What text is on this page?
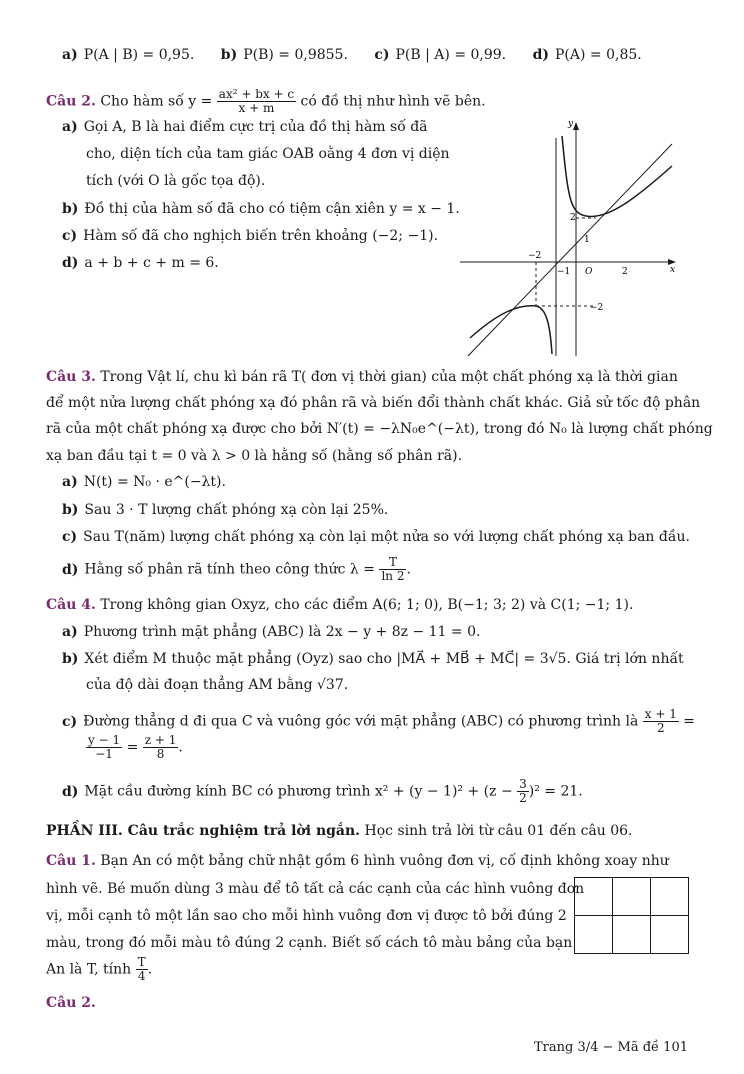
a) P(A | B) = 0,95. b) P(B) = 0,9855. c) P(B | A) = 0,99. d) P(A) = 0,85.
Câu 2. Cho hàm số $y = \frac{\text{ax² + bx + c}}{x + m}$ có đồ thị như hình vẽ bên.
a) Gọi A, B là hai điểm cực trị của đồ thị hàm số đã
cho, diện tích của tam giác OAB oằng 4 đơn vị diện
tích (với O là gốc tọa độ).
b) Đồ thị của hàm số đã cho có tiệm cận xiên y = x − 1.
c) Hàm số đã cho nghịch biến trên khoảng (−2; −1).
d) a + b + c + m = 6.
y
x
O
−2
−1	2
1
2
−2
Câu 3. Trong Vật lí, chu kì bán rã T( đơn vị thời gian) của một chất phóng xạ là thời gian
để một nửa lượng chất phóng xạ đó phân rã và biến đổi thành chất khác. Giả sử tốc độ phân
rã của một chất phóng xạ được cho bởi N′(t) = −λN₀e^(−λt), trong đó N₀ là lượng chất phóng
xạ ban đầu tại t = 0 và λ > 0 là hằng số (hằng số phân rã).
a) N(t) = N₀ · e^(−λt).
b) Sau 3 · T lượng chất phóng xạ còn lại 25%.
c) Sau T(năm) lượng chất phóng xạ còn lại một nửa so với lượng chất phóng xạ ban đầu.
d) Hằng số phân rã tính theo công thức $\lambda = \frac{T}{\ln 2}$ .
Câu 4. Trong không gian Oxyz, cho các điểm A(6; 1; 0), B(−1; 3; 2) và C(1; −1; 1).
a) Phương trình mặt phẳng (ABC) là 2x − y + 8z − 11 = 0.
b) Xét điểm M thuộc mặt phẳng (Oyz) sao cho |MA⃗ + MB⃗ + MC⃗| = 3√5. Giá trị lớn nhất
của độ dài đoạn thẳng AM bằng √37.
c) Đường thẳng d đi qua C và vuông góc với mặt phẳng (ABC) có phương trình là $\frac{x + 1}{2}$ =
$\frac{y - 1}{-1} = \frac{z + 1}{8}$ .
d) Mặt cầu đường kính BC có phương trình $x^2 + (y - 1)^2 + (z - \frac{3}{2} )^2 = 21$.
PHẦN III. Câu trắc nghiệm trả lời ngắn. Học sinh trả lời từ câu 01 đến câu 06.
Câu 1. Bạn An có một bảng chữ nhật gồm 6 hình vuông đơn vị, cố định không xoay như
hình vẽ. Bé muốn dùng 3 màu để tô tất cả các cạnh của các hình vuông đơn
vị, mỗi cạnh tô một lần sao cho mỗi hình vuông đơn vị được tô bởi đúng 2
màu, trong đó mỗi màu tô đúng 2 cạnh. Biết số cách tô màu bảng của bạn
An là T, tính $\frac{T}{4}$ .
Câu 2.
Trang 3/4 − Mã đề 101
